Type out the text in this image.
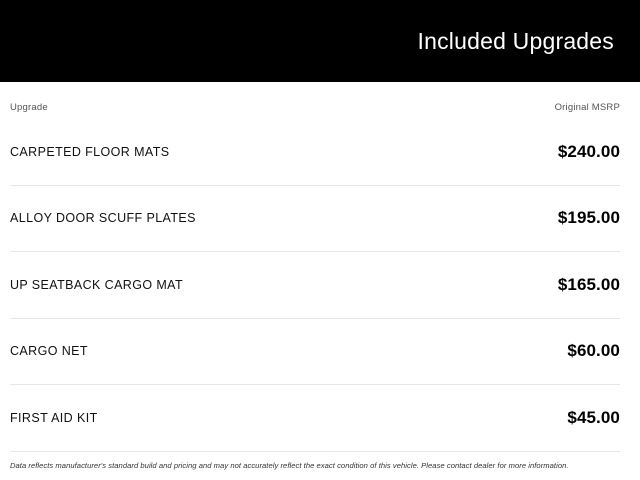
Included Upgrades
Upgrade	Original MSRP
CARPETED FLOOR MATS	$240.00
ALLOY DOOR SCUFF PLATES	$195.00
UP SEATBACK CARGO MAT	$165.00
CARGO NET	$60.00
FIRST AID KIT	$45.00
Data reflects manufacturer's standard build and pricing and may not accurately reflect the exact condition of this vehicle. Please contact dealer for more information.
